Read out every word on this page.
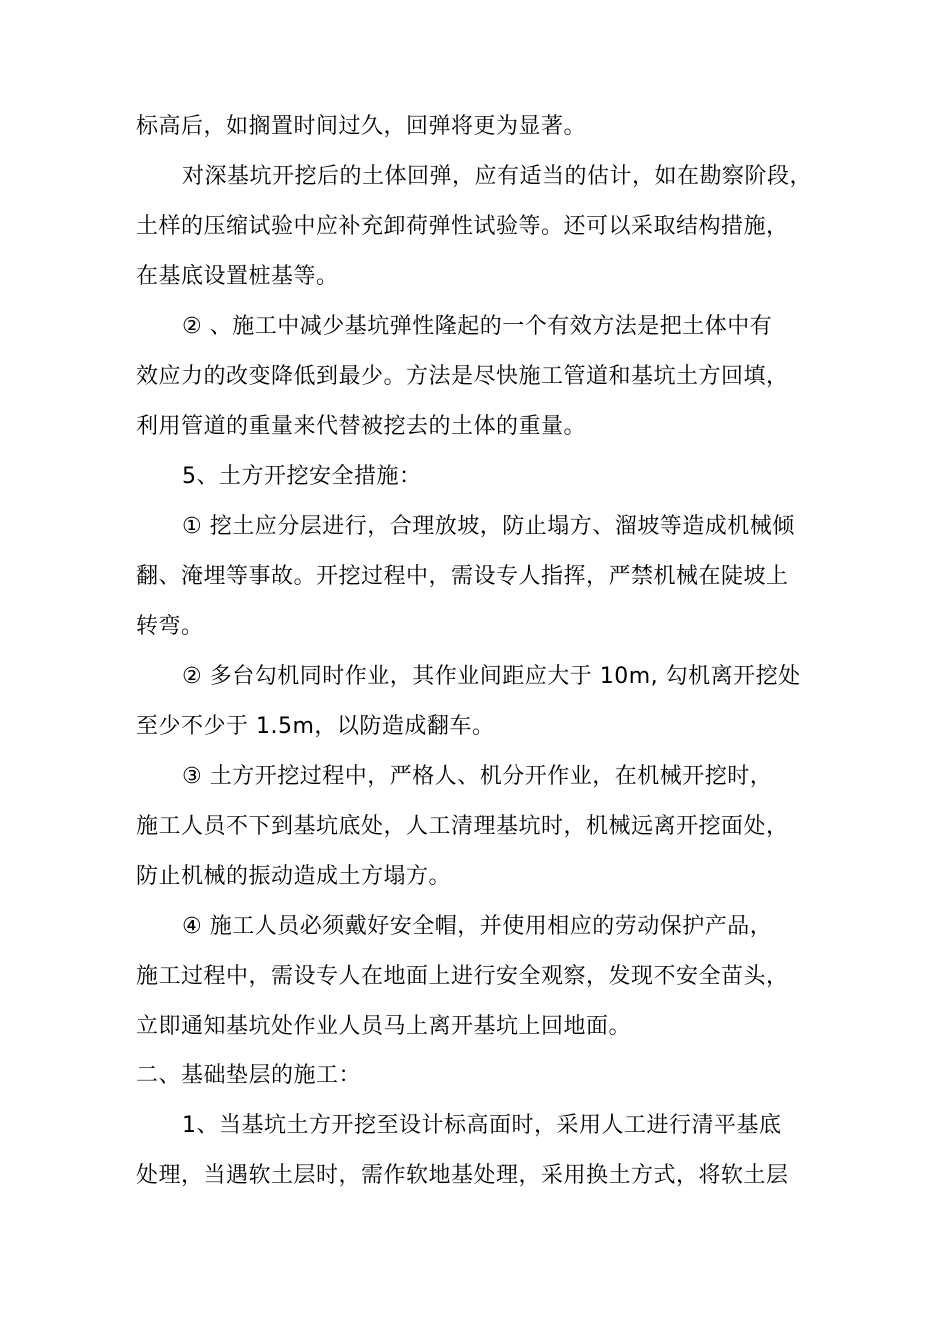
标高后，如搁置时间过久，回弹将更为显著。
对深基坑开挖后的土体回弹，应有适当的估计，如在勘察阶段，
土样的压缩试验中应补充卸荷弹性试验等。还可以采取结构措施，
在基底设置桩基等。
② 、施工中减少基坑弹性隆起的一个有效方法是把土体中有
效应力的改变降低到最少。方法是尽快施工管道和基坑土方回填，
利用管道的重量来代替被挖去的土体的重量。
5、土方开挖安全措施：
① 挖土应分层进行，合理放坡，防止塌方、溜坡等造成机械倾
翻、淹埋等事故。开挖过程中，需设专人指挥，严禁机械在陡坡上
转弯。
② 多台勾机同时作业，其作业间距应大于 10m, 勾机离开挖处
至少不少于 1.5m，以防造成翻车。
③ 土方开挖过程中，严格人、机分开作业，在机械开挖时，
施工人员不下到基坑底处，人工清理基坑时，机械远离开挖面处，
防止机械的振动造成土方塌方。
④ 施工人员必须戴好安全帽，并使用相应的劳动保护产品，
施工过程中，需设专人在地面上进行安全观察，发现不安全苗头，
立即通知基坑处作业人员马上离开基坑上回地面。
二、基础垫层的施工：
1、当基坑土方开挖至设计标高面时，采用人工进行清平基底
处理，当遇软土层时，需作软地基处理，采用换土方式，将软土层
